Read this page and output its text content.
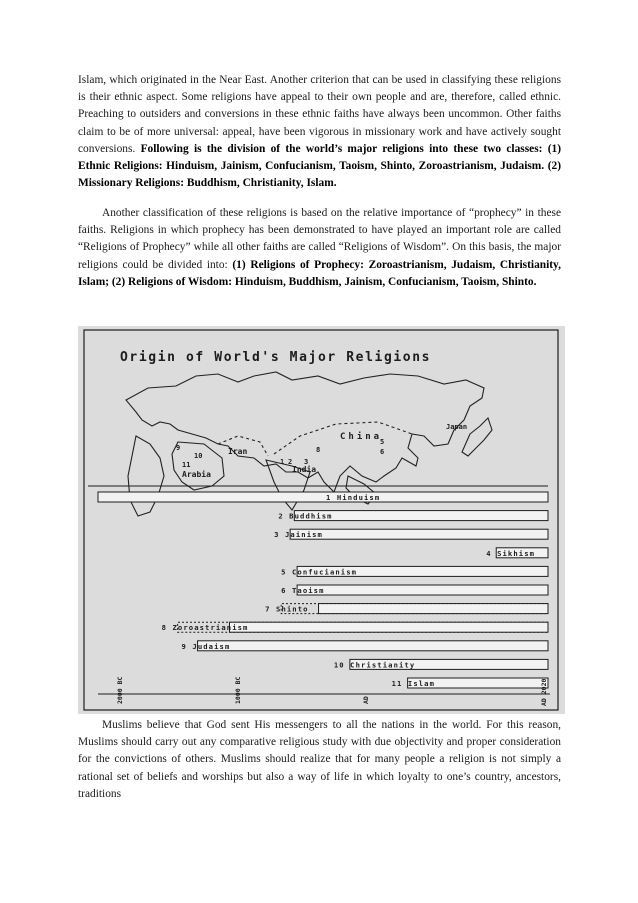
Islam, which originated in the Near East. Another criterion that can be used in classifying these religions is their ethnic aspect. Some religions have appeal to their own people and are, therefore, called ethnic. Preaching to outsiders and conversions in these ethnic faiths have always been uncommon. Other faiths claim to be of more universal: appeal, have been vigorous in missionary work and have actively sought conversions. Following is the division of the world’s major religions into these two classes: (1) Ethnic Religions: Hinduism, Jainism, Confucianism, Taoism, Shinto, Zoroastrianism, Judaism. (2) Missionary Religions: Buddhism, Christianity, Islam.

Another classification of these religions is based on the relative importance of “prophecy” in these faiths. Religions in which prophecy has been demonstrated to have played an important role are called “Religions of Prophecy” while all other faiths are called “Religions of Wisdom”. On this basis, the major religions could be divided into: (1) Religions of Prophecy: Zoroastrianism, Judaism, Christianity, Islam; (2) Religions of Wisdom: Hinduism, Buddhism, Jainism, Confucianism, Taoism, Shinto.

Origin of World's Major Religions
China
Japan
Iran
India
Arabia
10
11
9
1 2 3
8
5
6
1 Hinduism
2 Buddhism
3 Jainism
4 Sikhism
5 Confucianism
6 Taoism
7 Shinto
8 Zoroastrianism
9 Judaism
10 Christianity
11 Islam
2000 BC	1000 BC	AD	AD 2020

Muslims believe that God sent His messengers to all the nations in the world. For this reason, Muslims should carry out any comparative religious study with due objectivity and proper consideration for the convictions of others. Muslims should realize that for many people a religion is not simply a rational set of beliefs and worships but also a way of life in which loyalty to one’s country, ancestors, traditions
